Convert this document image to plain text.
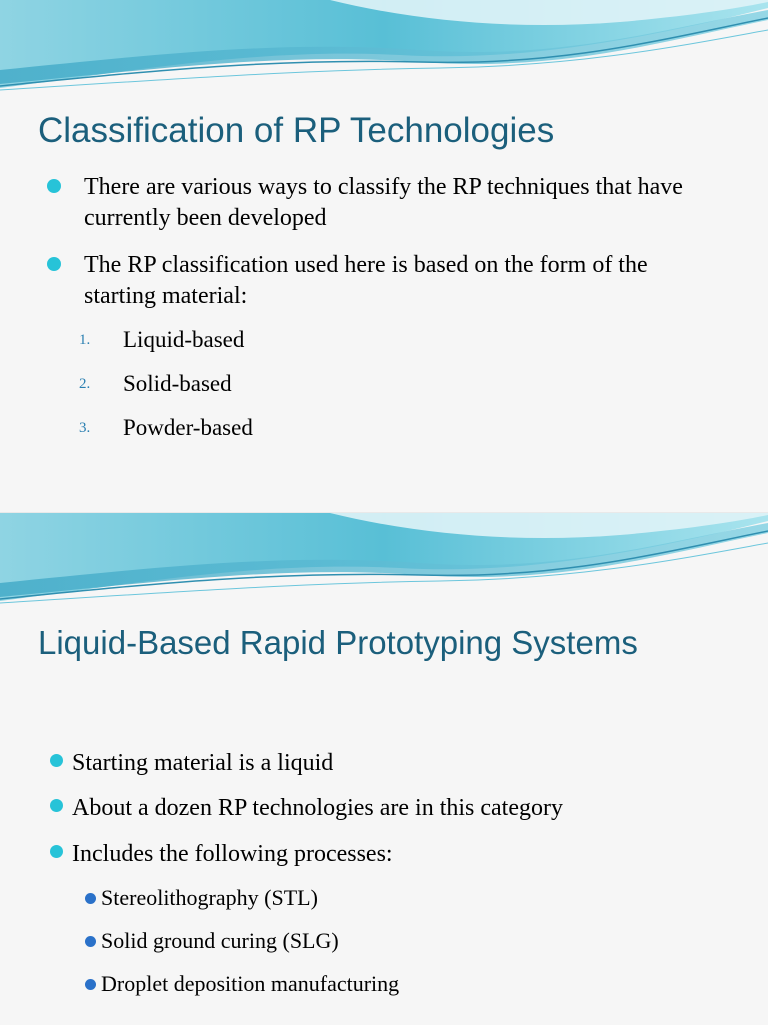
Classification of RP Technologies
There are various ways to classify the RP techniques that have currently been developed
The RP classification used here is based on the form of the starting material:
1. Liquid-based
2. Solid-based
3. Powder-based
Liquid-Based Rapid Prototyping Systems
Starting material is a liquid
About a dozen RP technologies are in this category
Includes the following processes:
Stereolithography (STL)
Solid ground curing (SLG)
Droplet deposition manufacturing
